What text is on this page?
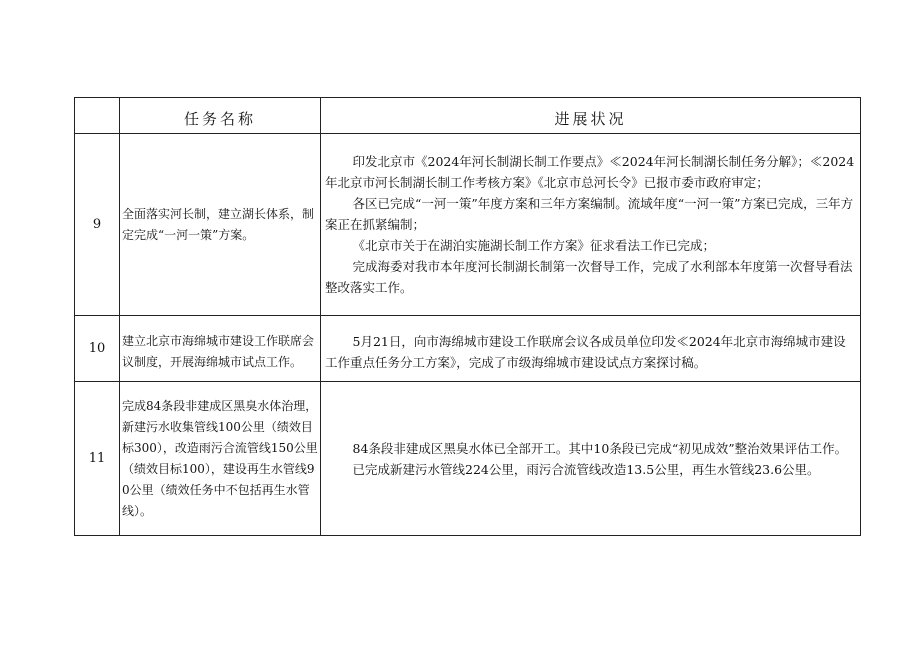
	任务名称	进展状况
9	全面落实河长制，建立湖长体系，制定完成“一河一策”方案。	印发北京市《2024年河长制湖长制工作要点》≪2024年河长制湖长制任务分解》；≪2024年北京市河长制湖长制工作考核方案》《北京市总河长令》已报市委市政府审定；

各区已完成“一河一策”年度方案和三年方案编制。流域年度“一河一策”方案已完成，三年方案正在抓紧编制；

《北京市关于在湖泊实施湖长制工作方案》征求看法工作已完成；

完成海委对我市本年度河长制湖长制第一次督导工作，完成了水利部本年度第一次督导看法整改落实工作。

10	建立北京市海绵城市建设工作联席会议制度，开展海绵城市试点工作。	5月21日，向市海绵城市建设工作联席会议各成员单位印发≪2024年北京市海绵城市建设工作重点任务分工方案》，完成了市级海绵城市建设试点方案探讨稿。

11	完成84条段非建成区黑臭水体治理，新建污水收集管线100公里（绩效目标300），改造雨污合流管线150公里（绩效目标100），建设再生水管线90公里（绩效任务中不包括再生水管线）。	84条段非建成区黑臭水体已全部开工。其中10条段已完成“初见成效”整治效果评估工作。

已完成新建污水管线224公里，雨污合流管线改造13.5公里，再生水管线23.6公里。
